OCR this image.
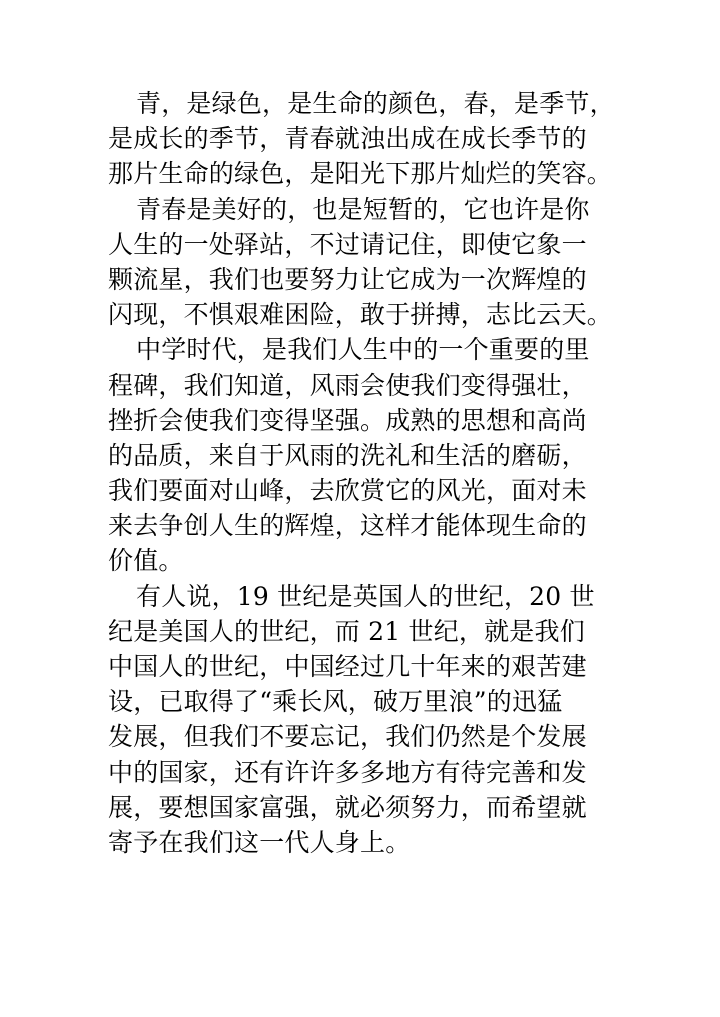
青，是绿色，是生命的颜色，春，是季节，
是成长的季节，青春就浊出成在成长季节的
那片生命的绿色，是阳光下那片灿烂的笑容。
青春是美好的，也是短暂的，它也许是你
人生的一处驿站，不过请记住，即使它象一
颗流星，我们也要努力让它成为一次辉煌的
闪现，不惧艰难困险，敢于拼搏，志比云天。
中学时代，是我们人生中的一个重要的里
程碑，我们知道，风雨会使我们变得强壮，
挫折会使我们变得坚强。成熟的思想和高尚
的品质，来自于风雨的洗礼和生活的磨砺，
我们要面对山峰，去欣赏它的风光，面对未
来去争创人生的辉煌，这样才能体现生命的
价值。
有人说，19 世纪是英国人的世纪，20 世
纪是美国人的世纪，而 21 世纪，就是我们
中国人的世纪，中国经过几十年来的艰苦建
设，已取得了“乘长风，破万里浪”的迅猛
发展，但我们不要忘记，我们仍然是个发展
中的国家，还有许许多多地方有待完善和发
展，要想国家富强，就必须努力，而希望就
寄予在我们这一代人身上。
